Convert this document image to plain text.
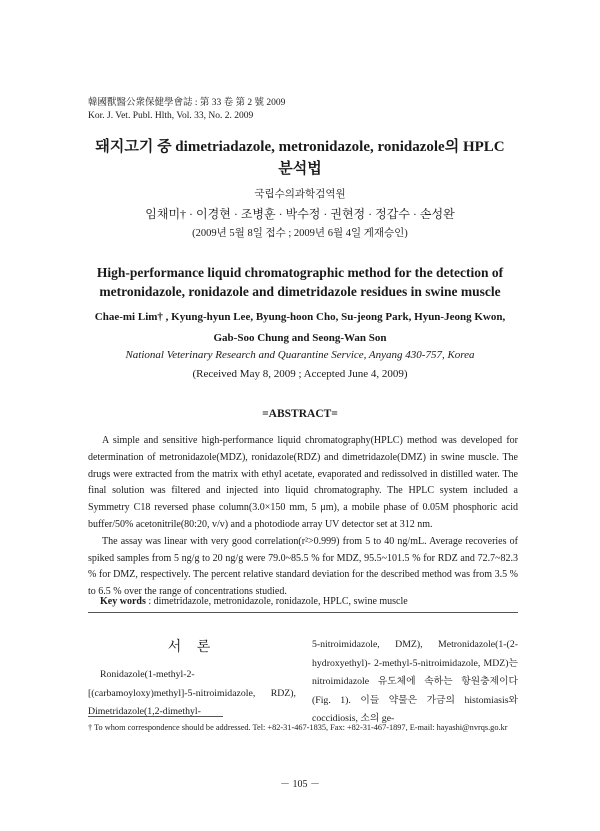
韓國獸醫公衆保健學會誌 : 第 33 卷 第 2 號 2009
Kor. J. Vet. Publ. Hlth, Vol. 33, No. 2. 2009
돼지고기 중 dimetriadazole, metronidazole, ronidazole의 HPLC
분석법
국립수의과학검역원
임채미† · 이경현 · 조병훈 · 박수정 · 권현정 · 정갑수 · 손성완
(2009년 5월 8일 접수 ; 2009년 6월 4일 게재승인)
High-performance liquid chromatographic method for the detection of
metronidazole, ronidazole and dimetridazole residues in swine muscle
Chae-mi Lim† , Kyung-hyun Lee, Byung-hoon Cho, Su-jeong Park, Hyun-Jeong Kwon,
Gab-Soo Chung and Seong-Wan Son
National Veterinary Research and Quarantine Service, Anyang 430-757, Korea
(Received May 8, 2009 ; Accepted June 4, 2009)
=ABSTRACT=

A simple and sensitive high-performance liquid chromatography(HPLC) method was developed for determination of metronidazole(MDZ), ronidazole(RDZ) and dimetridazole(DMZ) in swine muscle. The drugs were extracted from the matrix with ethyl acetate, evaporated and redissolved in distilled water. The final solution was filtered and injected into liquid chromatography. The HPLC system included a Symmetry C18 reversed phase column(3.0×150 mm, 5 μm), a mobile phase of 0.05M phosphoric acid buffer/50% acetonitrile(80:20, v/v) and a photodiode array UV detector set at 312 nm.

The assay was linear with very good correlation(r²>0.999) from 5 to 40 ng/mL. Average recoveries of spiked samples from 5 ng/g to 20 ng/g were 79.0~85.5 % for MDZ, 95.5~101.5 % for RDZ and 72.7~82.3 % for DMZ, respectively. The percent relative standard deviation for the described method was from 3.5 % to 6.5 % over the range of concentrations studied.

Key words : dimetridazole, metronidazole, ronidazole, HPLC, swine muscle
서 론
Ronidazole(1-methyl-2-[(carbamoyloxy)methyl]-5-nitroimidazole, RDZ), Dimetridazole(1,2-dimethyl-
5-nitroimidazole, DMZ), Metronidazole(1-(2-hydroxyethyl)- 2-methyl-5-nitroimidazole, MDZ)는 nitroimidazole 유도체에 속하는 항원충제이다(Fig. 1). 이들 약물은 가금의 histomiasis와 coccidiosis, 소의 ge-
† To whom correspondence should be addressed. Tel: +82-31-467-1835, Fax: +82-31-467-1897, E-mail: hayashi@nvrqs.go.kr
－ 105 －
